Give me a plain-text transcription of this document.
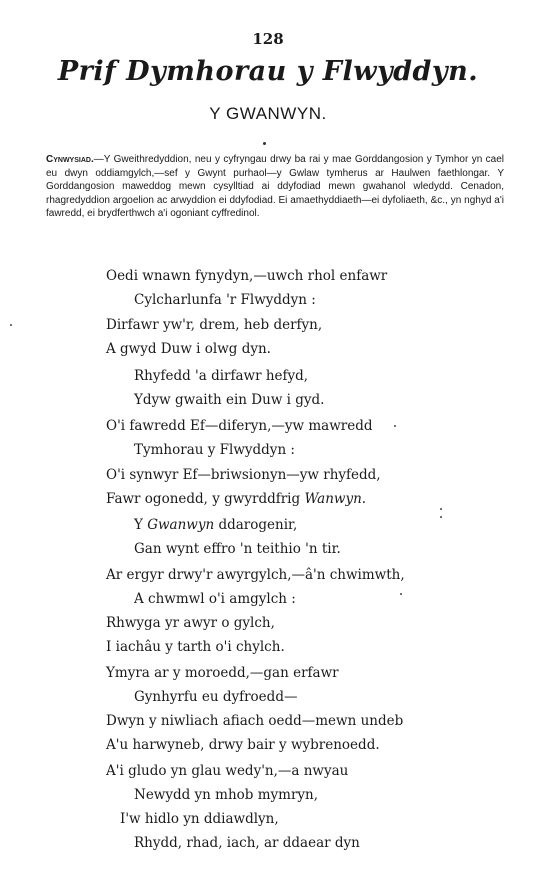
128
Prif Dymhorau y Flwyddyn.
Y GWANWYN.
Cynwysiad.—Y Gweithredyddion, neu y cyfryngau drwy ba rai y mae Gorddangosion y Tymhor yn cael eu dwyn oddiamgylch,—sef y Gwynt purhaol—y Gwlaw tymherus ar Haulwen faethlongar. Y Gorddangosion maweddog mewn cysylltiad ai ddyfodiad mewn gwahanol wledydd. Cenadon, rhagredyddion argoelion ac arwyddion ei ddyfodiad. Ei amaethyddiaeth—ei dyfoliaeth, &c., yn nghyd a'i fawredd, ei brydferthwch a'i ogoniant cyffredinol.
Oedi wnawn fynydyn,—uwch rhol enfawr
Cylcharlunfa 'r Flwyddyn :
Dirfawr yw'r, drem, heb derfyn,
A gwyd Duw i olwg dyn.
Rhyfedd 'a dirfawr hefyd,
Ydyw gwaith ein Duw i gyd.
O'i fawredd Ef—diferyn,—yw mawredd
Tymhorau y Flwyddyn :
O'i synwyr Ef—briwsionyn—yw rhyfedd,
Fawr ogonedd, y gwyrddfrig Wanwyn.
Y Gwanwyn ddarogenir,
Gan wynt effro 'n teithio 'n tir.
Ar ergyr drwy'r awyrgylch,—â'n chwimwth,
A chwmwl o'i amgylch :
Rhwyga yr awyr o gylch,
I iachâu y tarth o'i chylch.
Ymyra ar y moroedd,—gan erfawr
Gynhyrfu eu dyfroedd—
Dwyn y niwliach afiach oedd—mewn undeb
A'u harwyneb, drwy bair y wybrenoedd.
A'i gludo yn glau wedy'n,—a nwyau
Newydd yn mhob mymryn,
I'w hidlo yn ddiawdlyn,
Rhydd, rhad, iach, ar ddaear dyn
